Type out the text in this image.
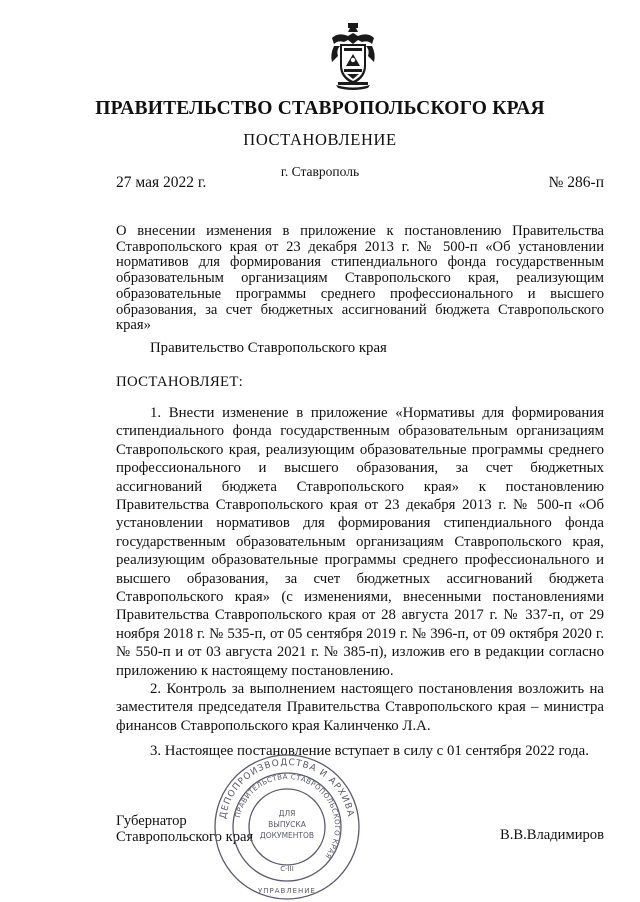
ПРАВИТЕЛЬСТВО СТАВРОПОЛЬСКОГО КРАЯ
ПОСТАНОВЛЕНИЕ
г. Ставрополь
27 мая 2022 г.	№ 286-п
О внесении изменения в приложение к постановлению Правительства Ставропольского края от 23 декабря 2013 г. № 500-п «Об установлении нормативов для формирования стипендиального фонда государственным образовательным организациям Ставропольского края, реализующим образовательные программы среднего профессионального и высшего образования, за счет бюджетных ассигнований бюджета Ставропольского края»
Правительство Ставропольского края
ПОСТАНОВЛЯЕТ:
1. Внести изменение в приложение «Нормативы для формирования стипендиального фонда государственным образовательным организациям Ставропольского края, реализующим образовательные программы среднего профессионального и высшего образования, за счет бюджетных ассигнований бюджета Ставропольского края» к постановлению Правительства Ставропольского края от 23 декабря 2013 г. № 500-п «Об установлении нормативов для формирования стипендиального фонда государственным образовательным организациям Ставропольского края, реализующим образовательные программы среднего профессионального и высшего образования, за счет бюджетных ассигнований бюджета Ставропольского края» (с изменениями, внесенными постановлениями Правительства Ставропольского края от 28 августа 2017 г. № 337-п, от 29 ноября 2018 г. № 535-п, от 05 сентября 2019 г. № 396-п, от 09 октября 2020 г. № 550-п и от 03 августа 2021 г. № 385-п), изложив его в редакции согласно приложению к настоящему постановлению.
2. Контроль за выполнением настоящего постановления возложить на заместителя председателя Правительства Ставропольского края – министра финансов Ставропольского края Калинченко Л.А.
3. Настоящее постановление вступает в силу с 01 сентября 2022 года.
Губернатор
Ставропольского края	В.В.Владимиров
ДЕПОПРОИЗВОДСТВА И АРХИВА
ПРАВИТЕЛЬСТВА СТАВРОПОЛЬСКОГО КРАЯ
ДЛЯ
ВЫПУСКА
ДОКУМЕНТОВ
С-III
УПРАВЛЕНИЕ
